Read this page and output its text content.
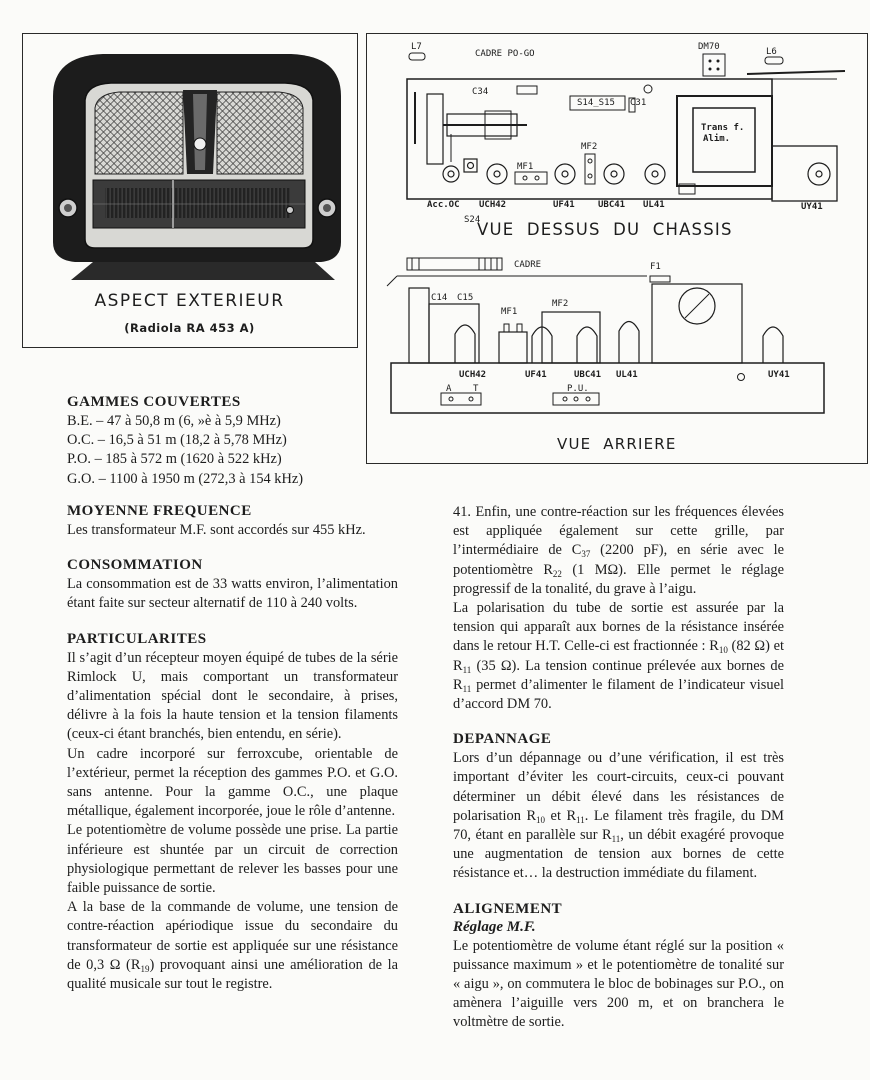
ASPECT EXTERIEUR
(Radiola RA 453 A)
L7
CADRE PO-GO
DM70	L6
C34
S14_S15 C31
Trans f.
Alim.
MF2
MF1
Acc.OC UCH42	UF41	UBC41 UL41	UY41
S24
VUE DESSUS DU CHASSIS
CADRE	F1
C14 C15
MF1
MF2
UCH42	UF41	UBC41 UL41	UY41
A T	P.U.
VUE ARRIERE
GAMMES COUVERTES

B.E. – 47 à 50,8 m (6, »è à 5,9 MHz)

O.C. – 16,5 à 51 m (18,2 à 5,78 MHz)

P.O. – 185 à 572 m (1620 à 522 kHz)

G.O. – 1100 à 1950 m (272,3 à 154 kHz)

MOYENNE FREQUENCE

Les transformateur M.F. sont accordés sur 455 kHz.

CONSOMMATION

La consommation est de 33 watts environ, l’alimentation étant faite sur secteur alternatif de 110 à 240 volts.

PARTICULARITES

Il s’agit d’un récepteur moyen équipé de tubes de la série Rimlock U, mais comportant un transformateur d’alimentation spécial dont le secondaire, à prises, délivre à la fois la haute tension et la tension filaments (ceux-ci étant branchés, bien entendu, en série).

Un cadre incorporé sur ferroxcube, orientable de l’extérieur, permet la réception des gammes P.O. et G.O. sans antenne. Pour la gamme O.C., une plaque métallique, également incorporée, joue le rôle d’antenne.

Le potentiomètre de volume possède une prise. La partie inférieure est shuntée par un circuit de correction physiologique permettant de relever les basses pour une faible puissance de sortie.

A la base de la commande de volume, une tension de contre-réaction apériodique issue du secondaire du transformateur de sortie est appliquée sur une résistance de 0,3 Ω $(R_{19})$ provoquant ainsi une amélioration de la qualité musicale sur tout le registre.

41. Enfin, une contre-réaction sur les fréquences élevées est appliquée également sur cette grille, par l’intermédiaire de $C_{37}$ (2200 pF), en série avec le potentiomètre $R_{22}$ (1 MΩ). Elle permet le réglage progressif de la tonalité, du grave à l’aigu.

La polarisation du tube de sortie est assurée par la tension qui apparaît aux bornes de la résistance insérée dans le retour H.T. Celle-ci est fractionnée : $R_{10}$ (82 Ω) et $R_{11}$ (35 Ω). La tension continue prélevée aux bornes de $R_{11}$ permet d’alimenter le filament de l’indicateur visuel d’accord DM 70.

DEPANNAGE

Lors d’un dépannage ou d’une vérification, il est très important d’éviter les court-circuits, ceux-ci pouvant déterminer un débit élevé dans les résistances de polarisation $R_{10}$ et $R_{11}$. Le filament très fragile, du DM 70, étant en parallèle sur $R_{11}$, un débit exagéré provoque une augmentation de tension aux bornes de cette résistance et… la destruction immédiate du filament.

ALIGNEMENT
Réglage M.F.

Le potentiomètre de volume étant réglé sur la position « puissance maximum » et le potentiomètre de tonalité sur « aigu », on commutera le bloc de bobinages sur P.O., on amènera l’aiguille vers 200 m, et on branchera le voltmètre de sortie.
